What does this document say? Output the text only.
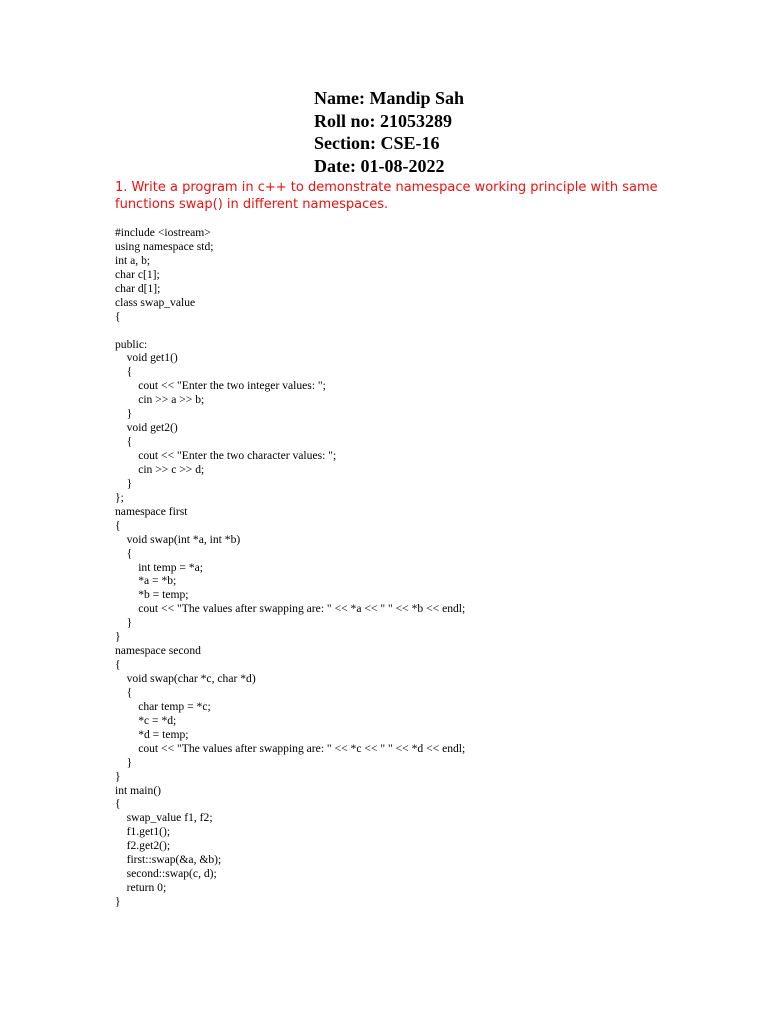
Name: Mandip Sah
Roll no: 21053289
Section: CSE-16
Date: 01-08-2022
1. Write a program in c++ to demonstrate namespace working principle with same functions swap() in different namespaces.
#include <iostream>
using namespace std;
int a, b;
char c[1];
char d[1];
class swap_value
{
public:
void get1()
{
cout << "Enter the two integer values: ";
cin >> a >> b;
}
void get2()
{
cout << "Enter the two character values: ";
cin >> c >> d;
}
};
namespace first
{
void swap(int *a, int *b)
{
int temp = *a;
*a = *b;
*b = temp;
cout << "The values after swapping are: " << *a << " " << *b << endl;
}
}
namespace second
{
void swap(char *c, char *d)
{
char temp = *c;
*c = *d;
*d = temp;
cout << "The values after swapping are: " << *c << " " << *d << endl;
}
}
int main()
{
swap_value f1, f2;
f1.get1();
f2.get2();
first::swap(&a, &b);
second::swap(c, d);
return 0;
}
